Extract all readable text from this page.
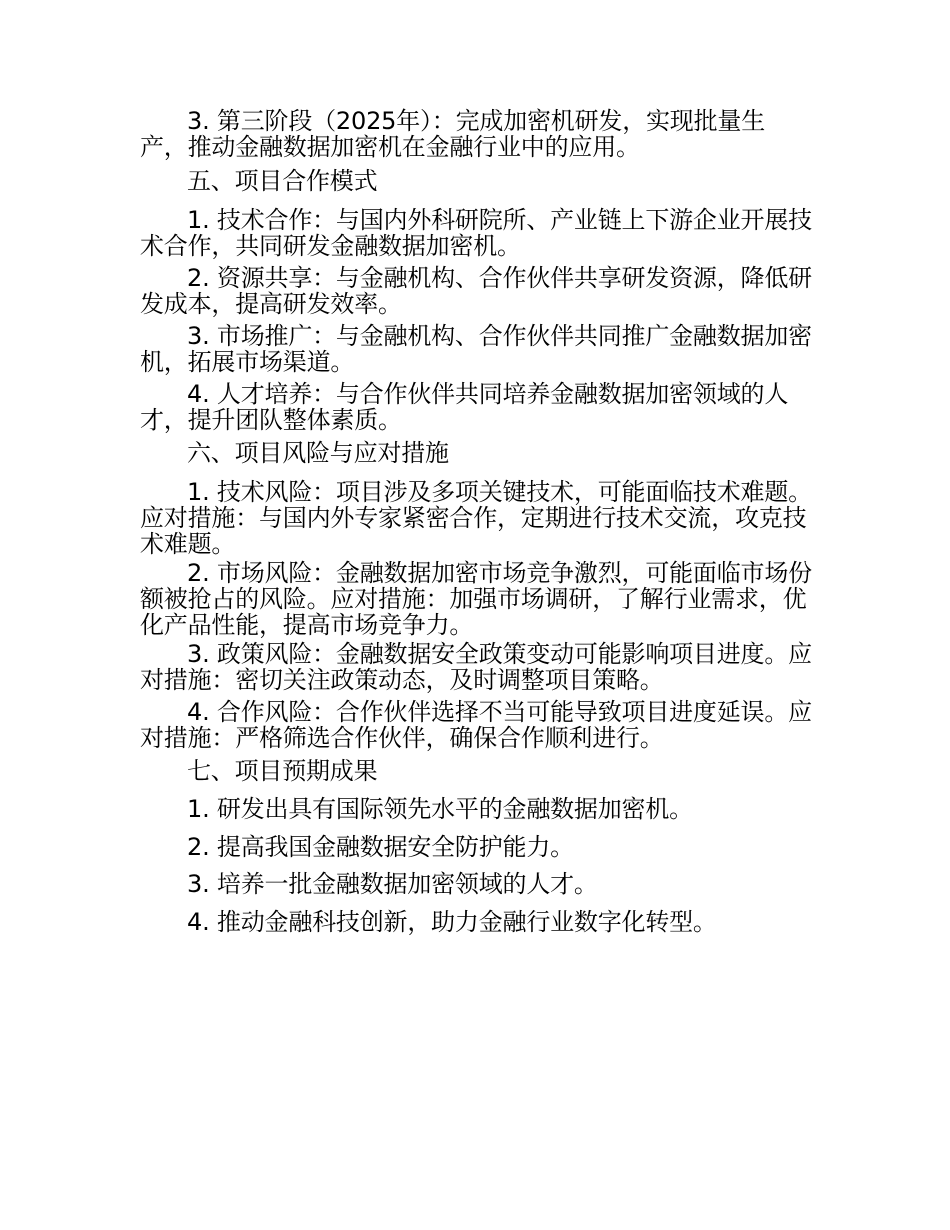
3. 第三阶段（2025年）：完成加密机研发，实现批量生产，推动金融数据加密机在金融行业中的应用。

五、项目合作模式

1. 技术合作：与国内外科研院所、产业链上下游企业开展技术合作，共同研发金融数据加密机。

2. 资源共享：与金融机构、合作伙伴共享研发资源，降低研发成本，提高研发效率。

3. 市场推广：与金融机构、合作伙伴共同推广金融数据加密机，拓展市场渠道。

4. 人才培养：与合作伙伴共同培养金融数据加密领域的人才，提升团队整体素质。

六、项目风险与应对措施

1. 技术风险：项目涉及多项关键技术，可能面临技术难题。应对措施：与国内外专家紧密合作，定期进行技术交流，攻克技术难题。

2. 市场风险：金融数据加密市场竞争激烈，可能面临市场份额被抢占的风险。应对措施：加强市场调研，了解行业需求，优化产品性能，提高市场竞争力。

3. 政策风险：金融数据安全政策变动可能影响项目进度。应对措施：密切关注政策动态，及时调整项目策略。

4. 合作风险：合作伙伴选择不当可能导致项目进度延误。应对措施：严格筛选合作伙伴，确保合作顺利进行。

七、项目预期成果

1. 研发出具有国际领先水平的金融数据加密机。

2. 提高我国金融数据安全防护能力。

3. 培养一批金融数据加密领域的人才。

4. 推动金融科技创新，助力金融行业数字化转型。
